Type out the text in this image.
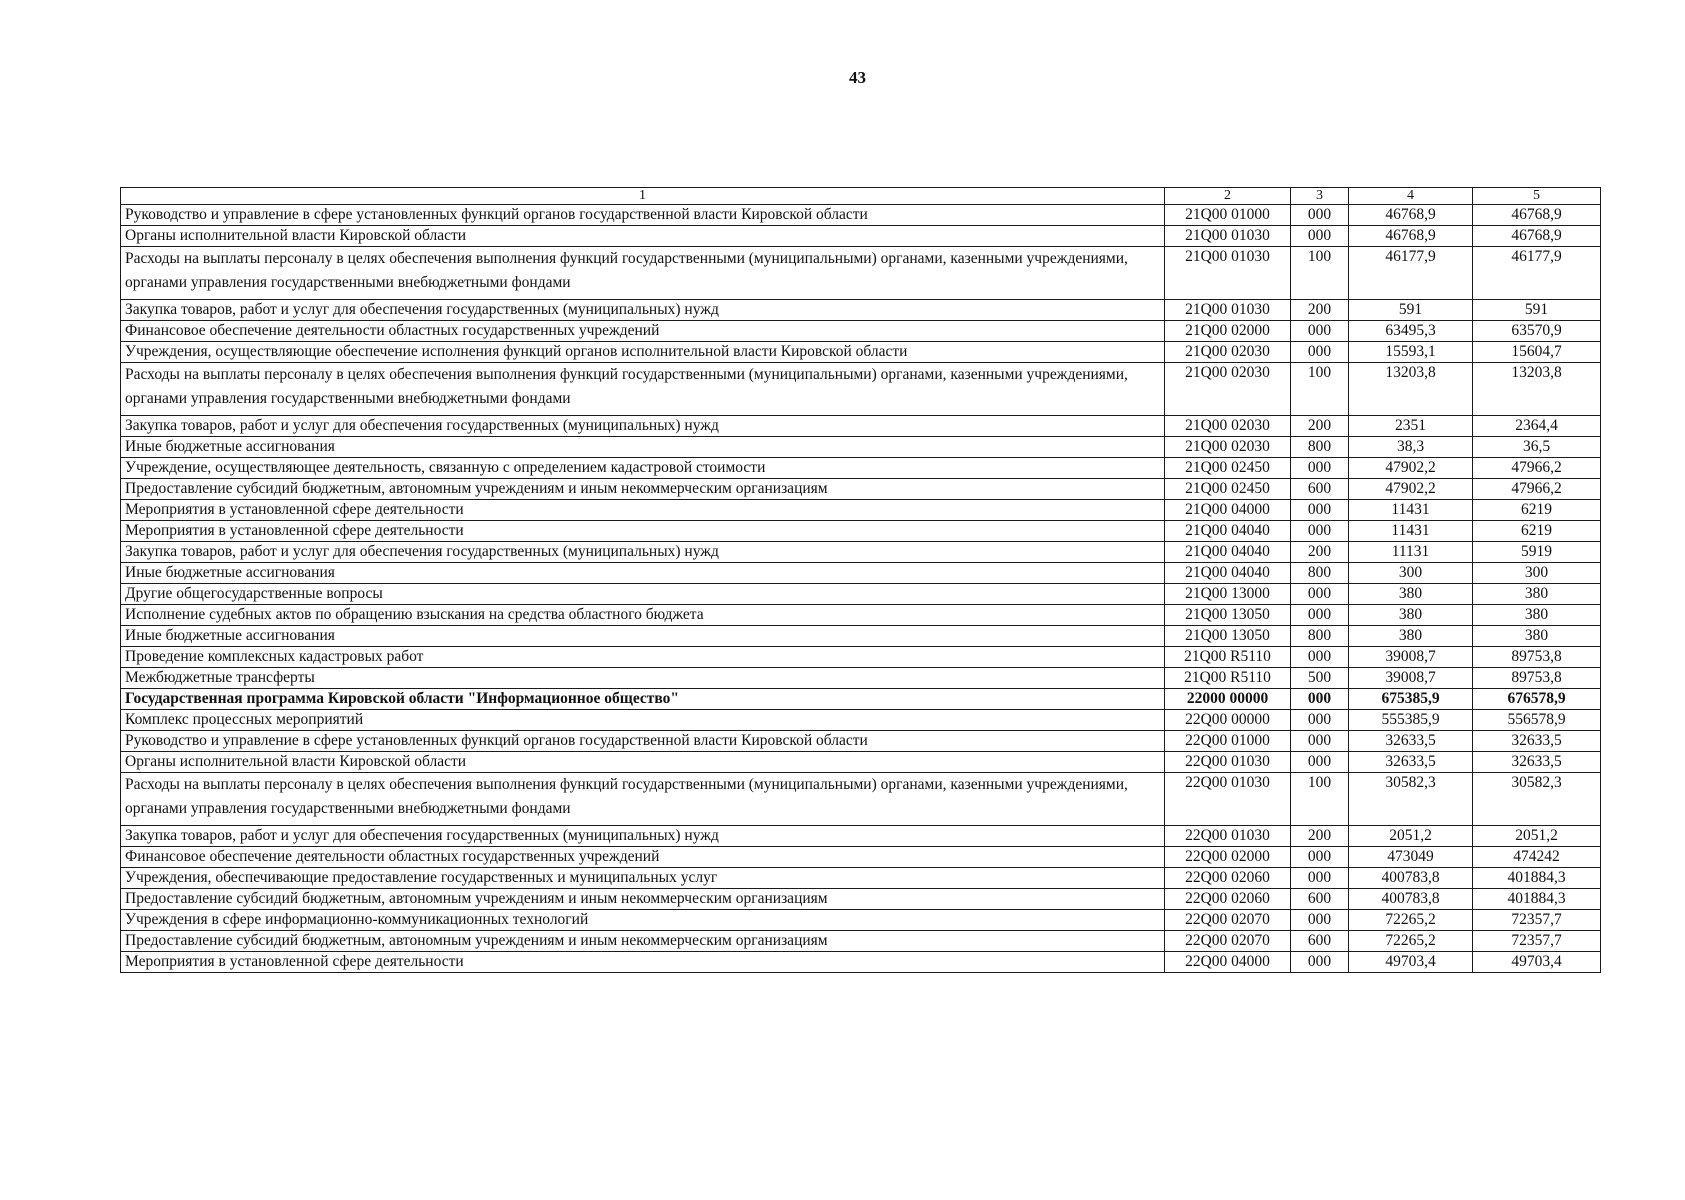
43
1	2	3	4	5
Руководство и управление в сфере установленных функций органов государственной власти Кировской области	21Q00 01000	000	46768,9	46768,9
Органы исполнительной власти Кировской области	21Q00 01030	000	46768,9	46768,9
Расходы на выплаты персоналу в целях обеспечения выполнения функций государственными (муниципальными) органами, казенными учреждениями, органами управления государственными внебюджетными фондами	21Q00 01030	100	46177,9	46177,9
Закупка товаров, работ и услуг для обеспечения государственных (муниципальных) нужд	21Q00 01030	200	591	591
Финансовое обеспечение деятельности областных государственных учреждений	21Q00 02000	000	63495,3	63570,9
Учреждения, осуществляющие обеспечение исполнения функций органов исполнительной власти Кировской области	21Q00 02030	000	15593,1	15604,7
Расходы на выплаты персоналу в целях обеспечения выполнения функций государственными (муниципальными) органами, казенными учреждениями, органами управления государственными внебюджетными фондами	21Q00 02030	100	13203,8	13203,8
Закупка товаров, работ и услуг для обеспечения государственных (муниципальных) нужд	21Q00 02030	200	2351	2364,4
Иные бюджетные ассигнования	21Q00 02030	800	38,3	36,5
Учреждение, осуществляющее деятельность, связанную с определением кадастровой стоимости	21Q00 02450	000	47902,2	47966,2
Предоставление субсидий бюджетным, автономным учреждениям и иным некоммерческим организациям	21Q00 02450	600	47902,2	47966,2
Мероприятия в установленной сфере деятельности	21Q00 04000	000	11431	6219
Мероприятия в установленной сфере деятельности	21Q00 04040	000	11431	6219
Закупка товаров, работ и услуг для обеспечения государственных (муниципальных) нужд	21Q00 04040	200	11131	5919
Иные бюджетные ассигнования	21Q00 04040	800	300	300
Другие общегосударственные вопросы	21Q00 13000	000	380	380
Исполнение судебных актов по обращению взыскания на средства областного бюджета	21Q00 13050	000	380	380
Иные бюджетные ассигнования	21Q00 13050	800	380	380
Проведение комплексных кадастровых работ	21Q00 R5110	000	39008,7	89753,8
Межбюджетные трансферты	21Q00 R5110	500	39008,7	89753,8
Государственная программа Кировской области "Информационное общество"	22000 00000	000	675385,9	676578,9
Комплекс процессных мероприятий	22Q00 00000	000	555385,9	556578,9
Руководство и управление в сфере установленных функций органов государственной власти Кировской области	22Q00 01000	000	32633,5	32633,5
Органы исполнительной власти Кировской области	22Q00 01030	000	32633,5	32633,5
Расходы на выплаты персоналу в целях обеспечения выполнения функций государственными (муниципальными) органами, казенными учреждениями, органами управления государственными внебюджетными фондами	22Q00 01030	100	30582,3	30582,3
Закупка товаров, работ и услуг для обеспечения государственных (муниципальных) нужд	22Q00 01030	200	2051,2	2051,2
Финансовое обеспечение деятельности областных государственных учреждений	22Q00 02000	000	473049	474242
Учреждения, обеспечивающие предоставление государственных и муниципальных услуг	22Q00 02060	000	400783,8	401884,3
Предоставление субсидий бюджетным, автономным учреждениям и иным некоммерческим организациям	22Q00 02060	600	400783,8	401884,3
Учреждения в сфере информационно-коммуникационных технологий	22Q00 02070	000	72265,2	72357,7
Предоставление субсидий бюджетным, автономным учреждениям и иным некоммерческим организациям	22Q00 02070	600	72265,2	72357,7
Мероприятия в установленной сфере деятельности	22Q00 04000	000	49703,4	49703,4
